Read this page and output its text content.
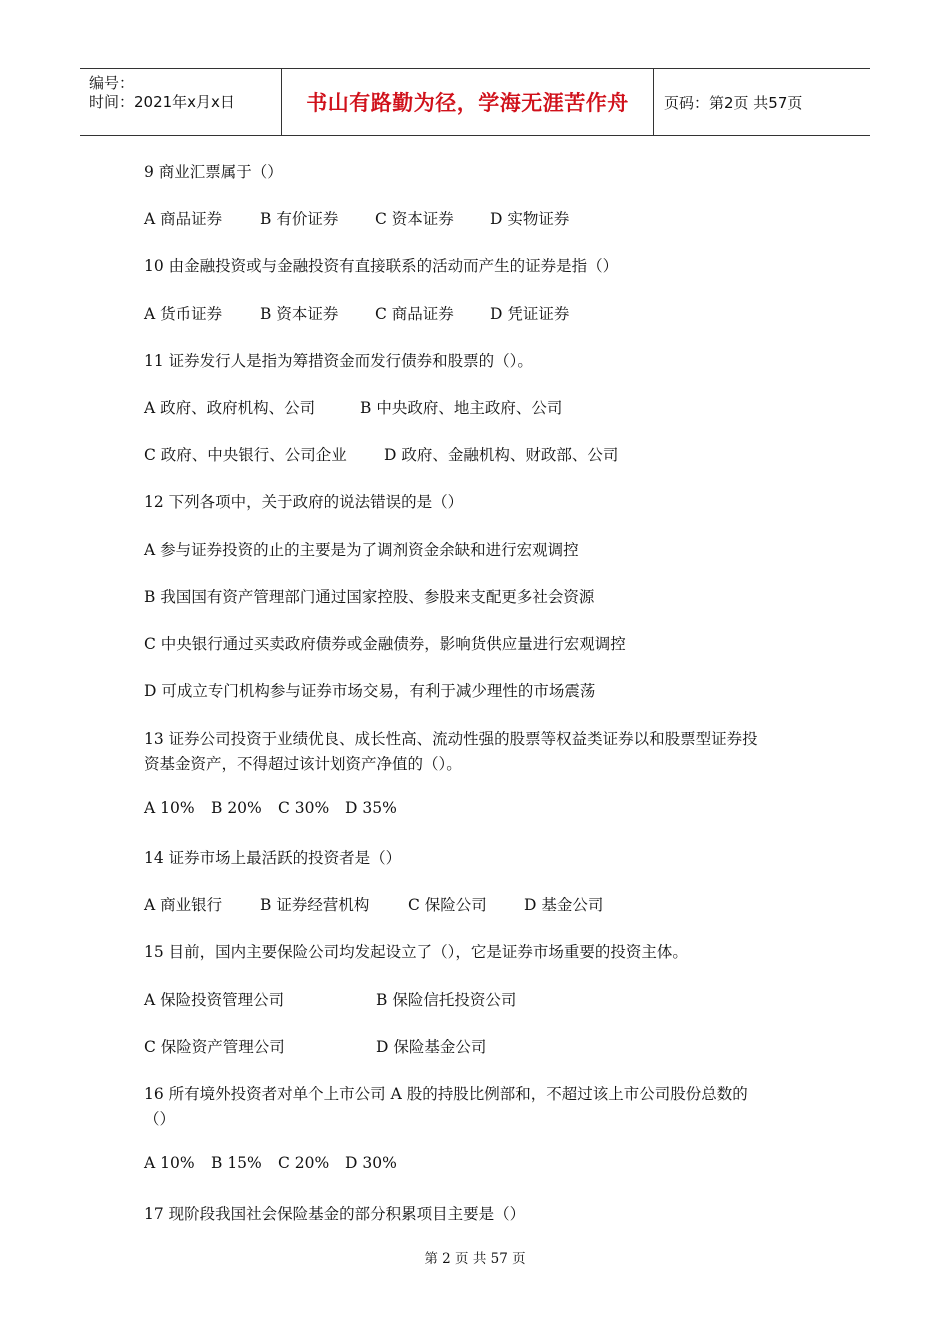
编号：
时间：2021年x月x日	书山有路勤为径，学海无涯苦作舟 页码：第2页 共57页
9 商业汇票属于（）
A 商品证券 B 有价证券 C 资本证券 D 实物证券
10 由金融投资或与金融投资有直接联系的活动而产生的证券是指（）
A 货币证券 B 资本证券 C 商品证券 D 凭证证券
11 证券发行人是指为筹措资金而发行债券和股票的（）。
A 政府、政府机构、公司	B 中央政府、地主政府、公司
C 政府、中央银行、公司企业 D 政府、金融机构、财政部、公司
12 下列各项中，关于政府的说法错误的是（）
A 参与证券投资的止的主要是为了调剂资金余缺和进行宏观调控
B 我国国有资产管理部门通过国家控股、参股来支配更多社会资源
C 中央银行通过买卖政府债券或金融债券，影响货供应量进行宏观调控
D 可成立专门机构参与证券市场交易，有利于减少理性的市场震荡
13 证券公司投资于业绩优良、成长性高、流动性强的股票等权益类证券以和股票型证券投
资基金资产，不得超过该计划资产净值的（）。
A 10% B 20% C 30% D 35%
14 证券市场上最活跃的投资者是（）
A 商业银行 B 证券经营机构 C 保险公司 D 基金公司
15 目前，国内主要保险公司均发起设立了（），它是证券市场重要的投资主体。
A 保险投资管理公司	B 保险信托投资公司
C 保险资产管理公司	D 保险基金公司
16 所有境外投资者对单个上市公司 A 股的持股比例部和，不超过该上市公司股份总数的
（）
A 10% B 15% C 20% D 30%
17 现阶段我国社会保险基金的部分积累项目主要是（）
第 2 页 共 57 页
